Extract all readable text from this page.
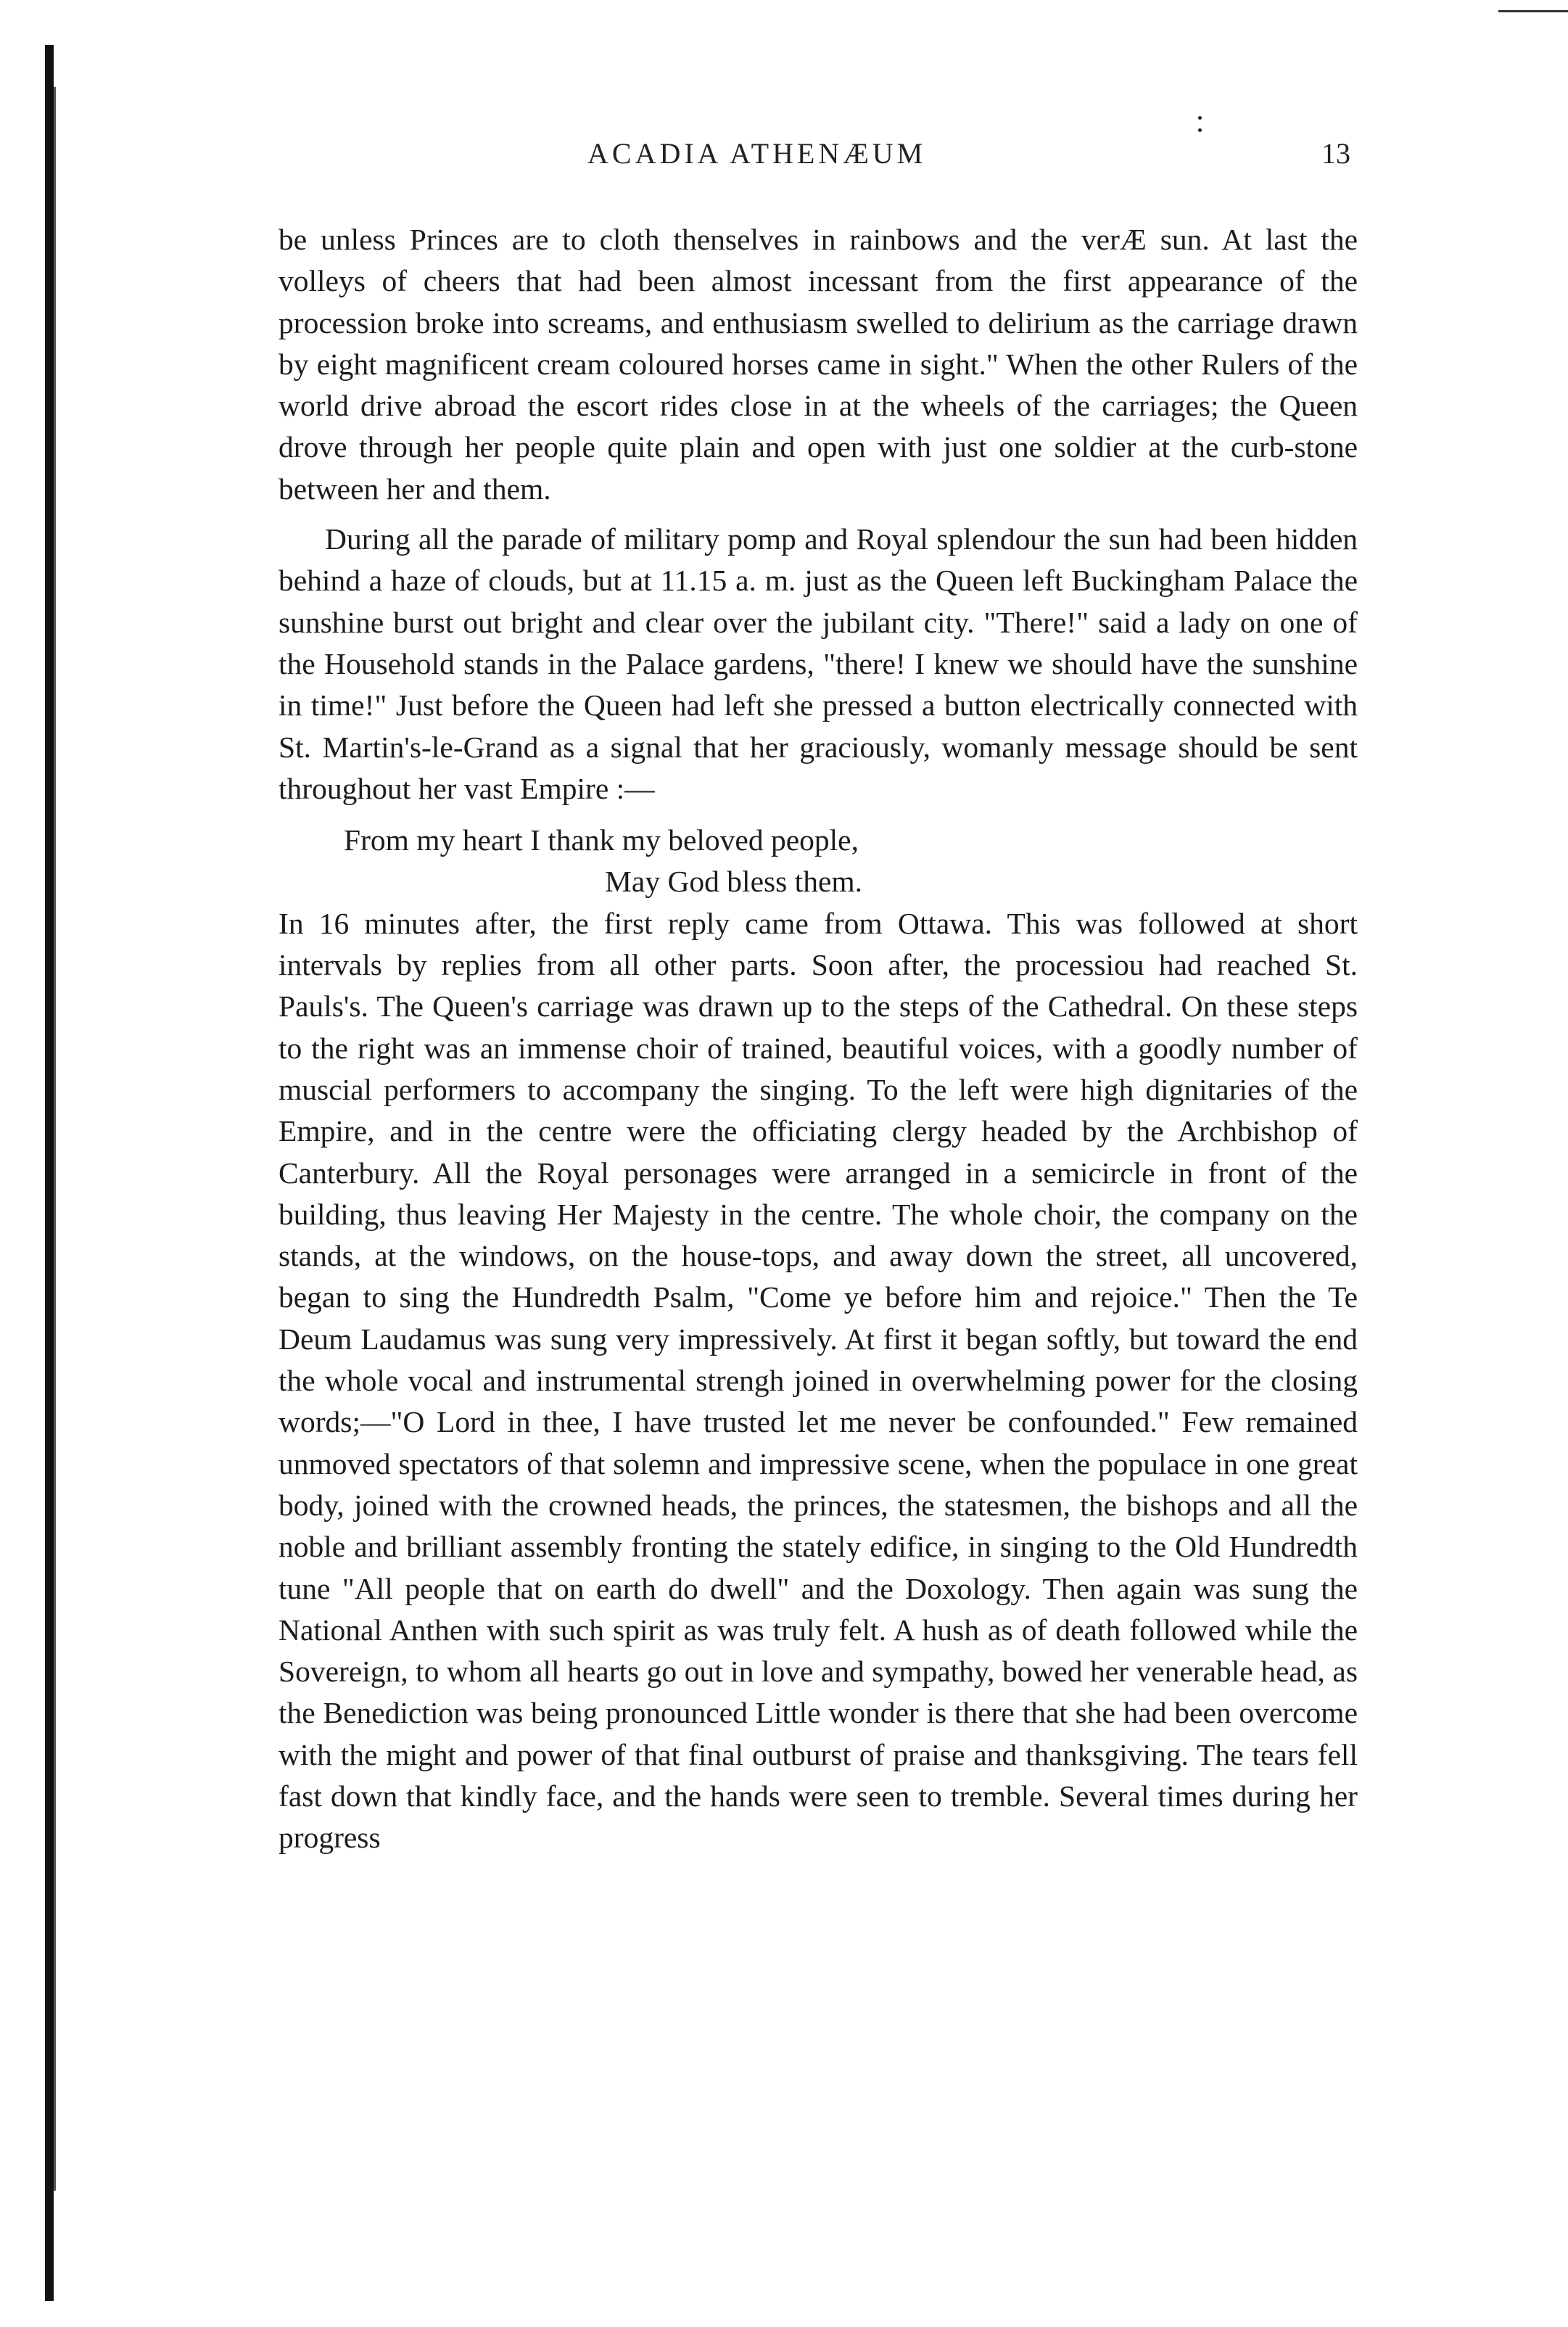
ACADIA ATHENÆUM	13

be unless Princes are to cloth thenselves in rainbows and the verÆ sun. At last the volleys of cheers that had been almost incessant from the first appearance of the procession broke into screams, and enthusiasm swelled to delirium as the carriage drawn by eight magnificent cream coloured horses came in sight." When the other Rulers of the world drive abroad the escort rides close in at the wheels of the carriages; the Queen drove through her people quite plain and open with just one soldier at the curb-stone between her and them.

During all the parade of military pomp and Royal splendour the sun had been hidden behind a haze of clouds, but at 11.15 a. m. just as the Queen left Buckingham Palace the sunshine burst out bright and clear over the jubilant city. "There!" said a lady on one of the Household stands in the Palace gardens, "there! I knew we should have the sunshine in time!" Just before the Queen had left she pressed a button electrically connected with St. Martin's-le-Grand as a signal that her graciously, womanly message should be sent throughout her vast Empire :—

From my heart I thank my beloved people,
May God bless them.

In 16 minutes after, the first reply came from Ottawa. This was followed at short intervals by replies from all other parts. Soon after, the processiou had reached St. Pauls's. The Queen's carriage was drawn up to the steps of the Cathedral. On these steps to the right was an immense choir of trained, beautiful voices, with a goodly number of muscial performers to accompany the singing. To the left were high dignitaries of the Empire, and in the centre were the officiating clergy headed by the Archbishop of Canterbury. All the Royal personages were arranged in a semicircle in front of the building, thus leaving Her Majesty in the centre. The whole choir, the company on the stands, at the windows, on the house-tops, and away down the street, all uncovered, began to sing the Hundredth Psalm, "Come ye before him and rejoice." Then the Te Deum Laudamus was sung very impressively. At first it began softly, but toward the end the whole vocal and instrumental strengh joined in overwhelming power for the closing words;—"O Lord in thee, I have trusted let me never be confounded." Few remained unmoved spectators of that solemn and impressive scene, when the populace in one great body, joined with the crowned heads, the princes, the statesmen, the bishops and all the noble and brilliant assembly fronting the stately edifice, in singing to the Old Hundredth tune "All people that on earth do dwell" and the Doxology. Then again was sung the National Anthen with such spirit as was truly felt. A hush as of death followed while the Sovereign, to whom all hearts go out in love and sympathy, bowed her venerable head, as the Benediction was being pronounced Little wonder is there that she had been overcome with the might and power of that final outburst of praise and thanksgiving. The tears fell fast down that kindly face, and the hands were seen to tremble. Several times during her progress
